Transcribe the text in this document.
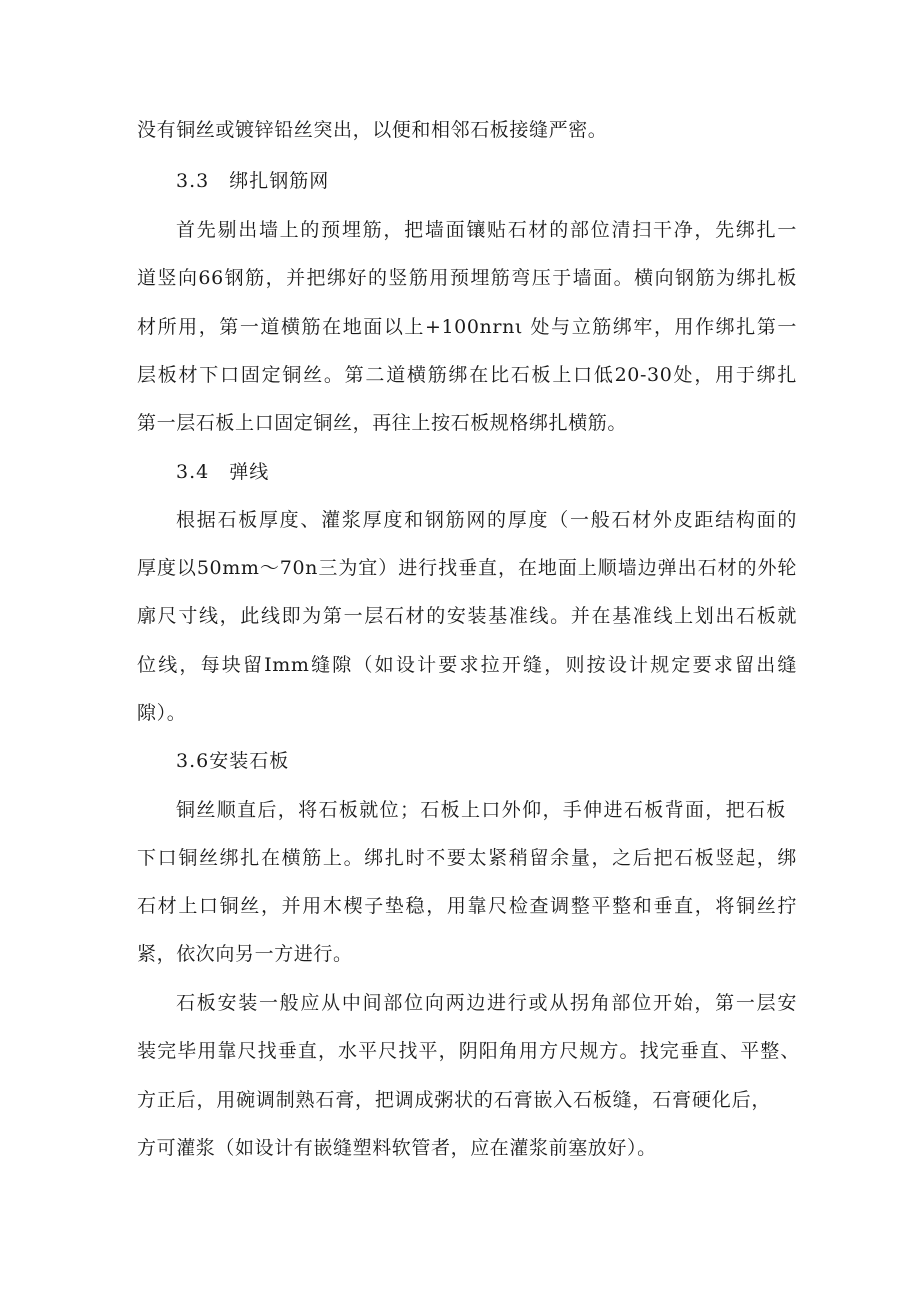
没有铜丝或镀锌铅丝突出，以便和相邻石板接缝严密。
3.3　绑扎钢筋网
首先剔出墙上的预埋筋，把墙面镶贴石材的部位清扫干净，先绑扎一
道竖向66钢筋，并把绑好的竖筋用预埋筋弯压于墙面。横向钢筋为绑扎板
材所用，第一道横筋在地面以上+100nrnι 处与立筋绑牢，用作绑扎第一
层板材下口固定铜丝。第二道横筋绑在比石板上口低20-30处，用于绑扎
第一层石板上口固定铜丝，再往上按石板规格绑扎横筋。
3.4　弹线
根据石板厚度、灌浆厚度和钢筋网的厚度（一般石材外皮距结构面的
厚度以50mm～70n三为宜）进行找垂直，在地面上顺墙边弹出石材的外轮
廓尺寸线，此线即为第一层石材的安装基准线。并在基准线上划出石板就
位线，每块留Imm缝隙（如设计要求拉开缝，则按设计规定要求留出缝
隙）。
3.6安装石板
铜丝顺直后，将石板就位；石板上口外仰，手伸进石板背面，把石板
下口铜丝绑扎在横筋上。绑扎时不要太紧稍留余量，之后把石板竖起，绑
石材上口铜丝，并用木楔子垫稳，用靠尺检查调整平整和垂直，将铜丝拧
紧，依次向另一方进行。
石板安装一般应从中间部位向两边进行或从拐角部位开始，第一层安
装完毕用靠尺找垂直，水平尺找平，阴阳角用方尺规方。找完垂直、平整、
方正后，用碗调制熟石膏，把调成粥状的石膏嵌入石板缝，石膏硬化后，
方可灌浆（如设计有嵌缝塑料软管者，应在灌浆前塞放好）。
